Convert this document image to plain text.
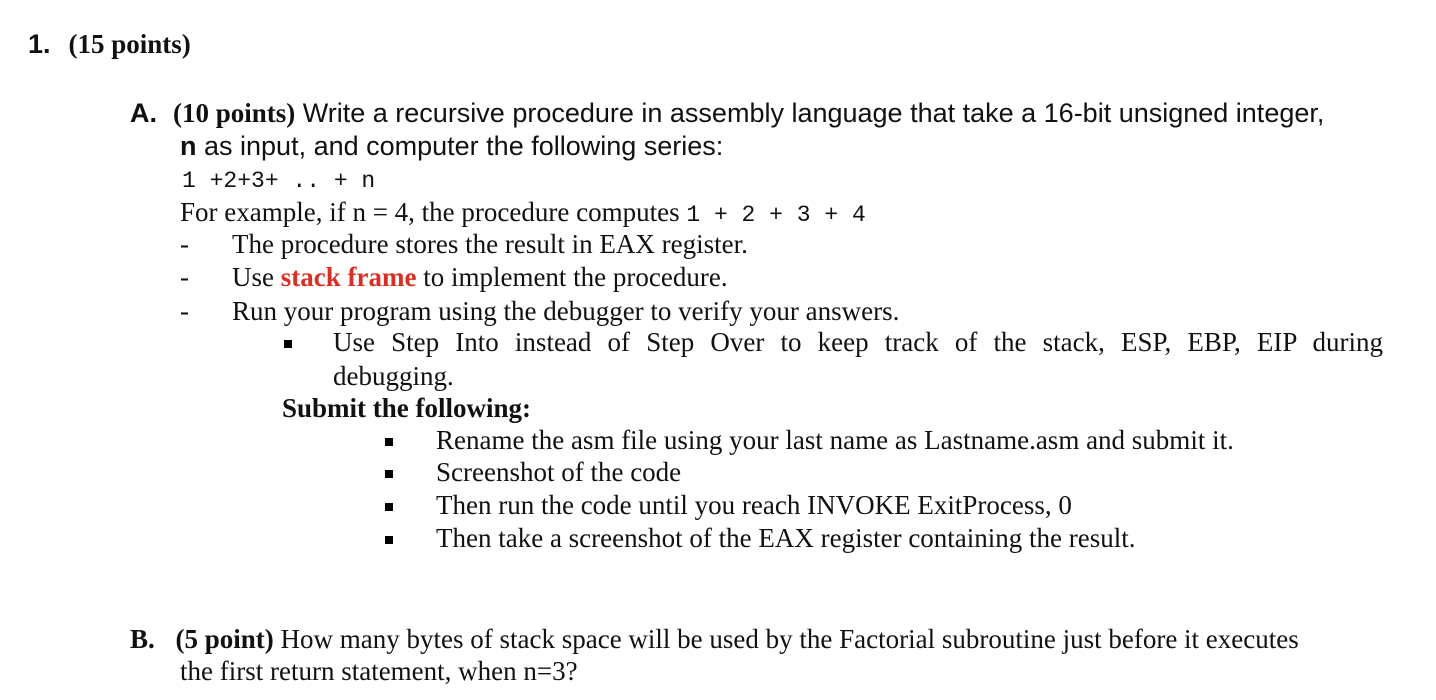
1. (15 points)
A. (10 points) Write a recursive procedure in assembly language that take a 16-bit unsigned integer,
n as input, and computer the following series:
1 +2+3+ .. + n
For example, if n = 4, the procedure computes 1 + 2 + 3 + 4
- The procedure stores the result in EAX register.
- Use stack frame to implement the procedure.
- Run your program using the debugger to verify your answers.
Use Step Into instead of Step Over to keep track of the stack, ESP, EBP, EIP during
debugging.
Submit the following:
Rename the asm file using your last name as Lastname.asm and submit it.
Screenshot of the code
Then run the code until you reach INVOKE ExitProcess, 0
Then take a screenshot of the EAX register containing the result.
B. (5 point) How many bytes of stack space will be used by the Factorial subroutine just before it executes
the first return statement, when n=3?
